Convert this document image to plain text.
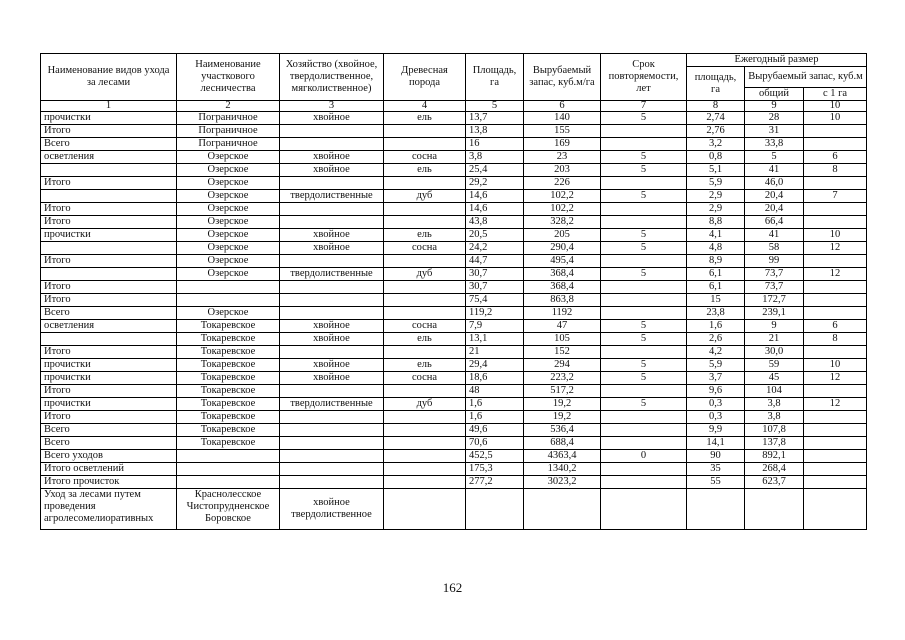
Наименование видов ухода за лесами	Наименование участкового лесничества	Хозяйство (хвойное, твердолиственное, мягколиственное)	Древесная порода	Площадь, га	Вырубаемый запас, куб.м/га	Срок повторяемости, лет	Ежегодный размер		
							площадь, га	Вырубаемый запас, куб.м	
								общий	с 1 га
1	2	3	4	5	6	7	8	9	10
прочистки	Пограничное	хвойное	ель	13,7	140	5	2,74	28	10
Итого	Пограничное			13,8	155		2,76	31	
Всего	Пограничное			16	169		3,2	33,8	
осветления	Озерское	хвойное	сосна	3,8	23	5	0,8	5	6
	Озерское	хвойное	ель	25,4	203	5	5,1	41	8
Итого	Озерское			29,2	226		5,9	46,0	
	Озерское	твердолиственные	дуб	14,6	102,2	5	2,9	20,4	7
Итого	Озерское			14,6	102,2		2,9	20,4	
Итого	Озерское			43,8	328,2		8,8	66,4	
прочистки	Озерское	хвойное	ель	20,5	205	5	4,1	41	10
	Озерское	хвойное	сосна	24,2	290,4	5	4,8	58	12
Итого	Озерское			44,7	495,4		8,9	99	
	Озерское	твердолиственные	дуб	30,7	368,4	5	6,1	73,7	12
Итого				30,7	368,4		6,1	73,7	
Итого				75,4	863,8		15	172,7	
Всего	Озерское			119,2	1192		23,8	239,1	
осветления	Токаревское	хвойное	сосна	7,9	47	5	1,6	9	6
	Токаревское	хвойное	ель	13,1	105	5	2,6	21	8
Итого	Токаревское			21	152		4,2	30,0	
прочистки	Токаревское	хвойное	ель	29,4	294	5	5,9	59	10
прочистки	Токаревское	хвойное	сосна	18,6	223,2	5	3,7	45	12
Итого	Токаревское			48	517,2		9,6	104	
прочистки	Токаревское	твердолиственные	дуб	1,6	19,2	5	0,3	3,8	12
Итого	Токаревское			1,6	19,2		0,3	3,8	
Всего	Токаревское			49,6	536,4		9,9	107,8	
Всего	Токаревское			70,6	688,4		14,1	137,8	
Всего уходов				452,5	4363,4	0	90	892,1	
Итого осветлений				175,3	1340,2		35	268,4	
Итого прочисток				277,2	3023,2		55	623,7	
Уход за лесами путем проведения агролесомелиоративных	Краснолесское Чистопрудненское Боровское	хвойное твердолиственное							
162
